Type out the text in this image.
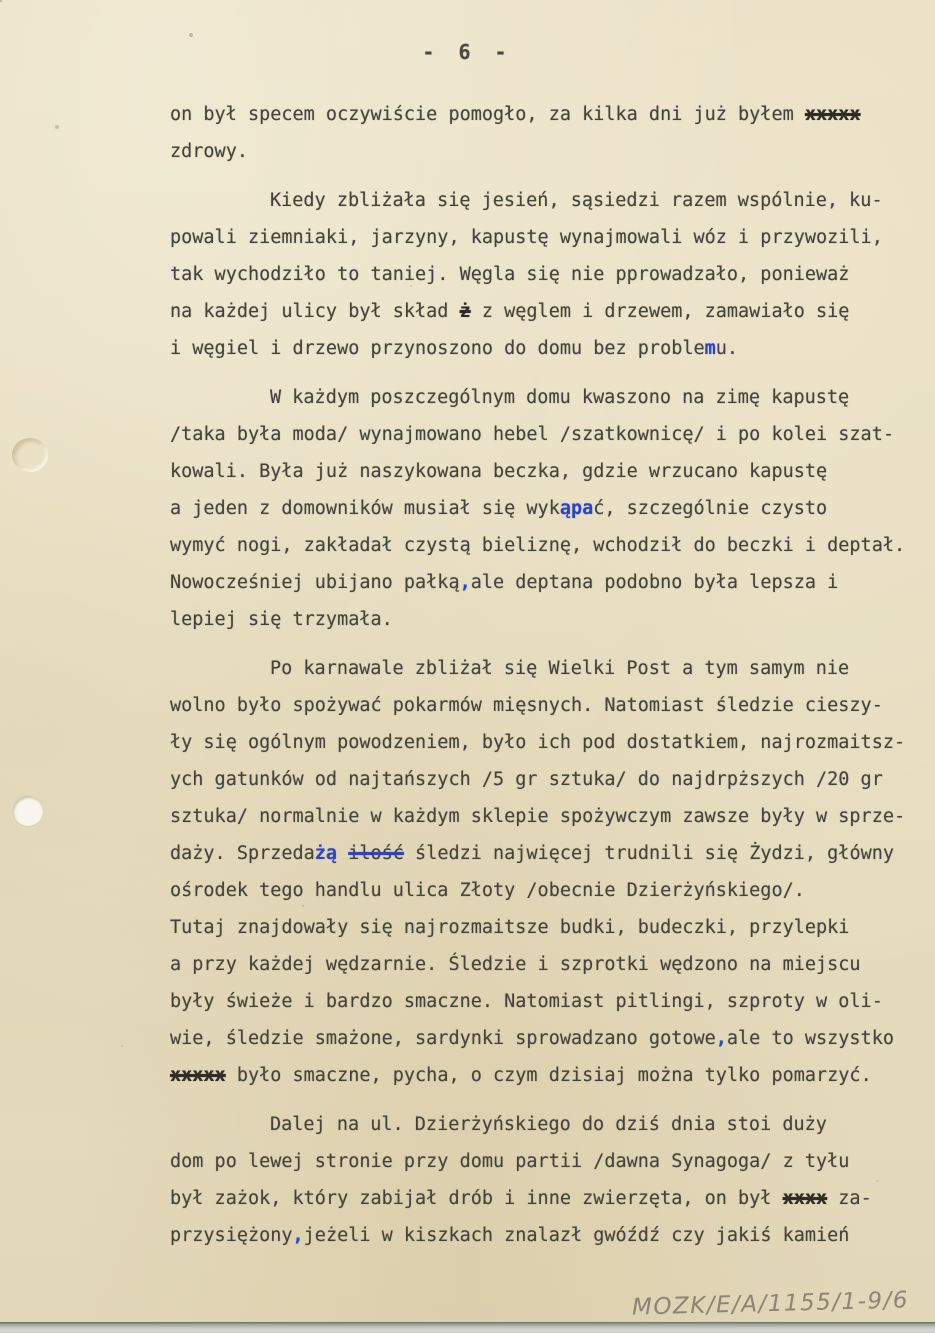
- 6 -
on był specem oczywiście pomogło, za kilka dni już byłem xxxxx
zdrowy.
Kiedy zbliżała się jesień, sąsiedzi razem wspólnie, ku-
powali ziemniaki, jarzyny, kapustę wynajmowali wóz i przywozili,
tak wychodziło to taniej. Węgla się nie pprowadzało, ponieważ
na każdej ulicy był skład ż z węglem i drzewem, zamawiało się
i węgiel i drzewo przynoszono do domu bez problemu.
W każdym poszczególnym domu kwaszono na zimę kapustę
/taka była moda/ wynajmowano hebel /szatkownicę/ i po kolei szat-
kowali. Była już naszykowana beczka, gdzie wrzucano kapustę
a jeden z domowników musiał się wykąpać, szczególnie czysto
wymyć nogi, zakładał czystą bieliznę, wchodził do beczki i deptał.
Nowocześniej ubijano pałką,ale deptana podobno była lepsza i
lepiej się trzymała.
Po karnawale zbliżał się Wielki Post a tym samym nie
wolno było spożywać pokarmów mięsnych. Natomiast śledzie cieszy-
ły się ogólnym powodzeniem, było ich pod dostatkiem, najrozmaitsz-
ych gatunków od najtańszych /5 gr sztuka/ do najdrpższych /20 gr
sztuka/ normalnie w każdym sklepie spożywczym zawsze były w sprze-
daży. Sprzedażą ilość śledzi najwięcej trudnili się Żydzi, główny
ośrodek tego handlu ulica Złoty /obecnie Dzierżyńskiego/.
Tutaj znajdowały się najrozmaitsze budki, budeczki, przylepki
a przy każdej wędzarnie. Śledzie i szprotki wędzono na miejscu
były świeże i bardzo smaczne. Natomiast pitlingi, szproty w oli-
wie, śledzie smażone, sardynki sprowadzano gotowe,ale to wszystko
xxxxx było smaczne, pycha, o czym dzisiaj można tylko pomarzyć.
Dalej na ul. Dzierżyńskiego do dziś dnia stoi duży
dom po lewej stronie przy domu partii /dawna Synagoga/ z tyłu
był zażok, który zabijał drób i inne zwierzęta, on był xxxx za-
przysiężony,jeżeli w kiszkach znalazł gwóźdź czy jakiś kamień
MOZK/E/A/1155/1-9/6
